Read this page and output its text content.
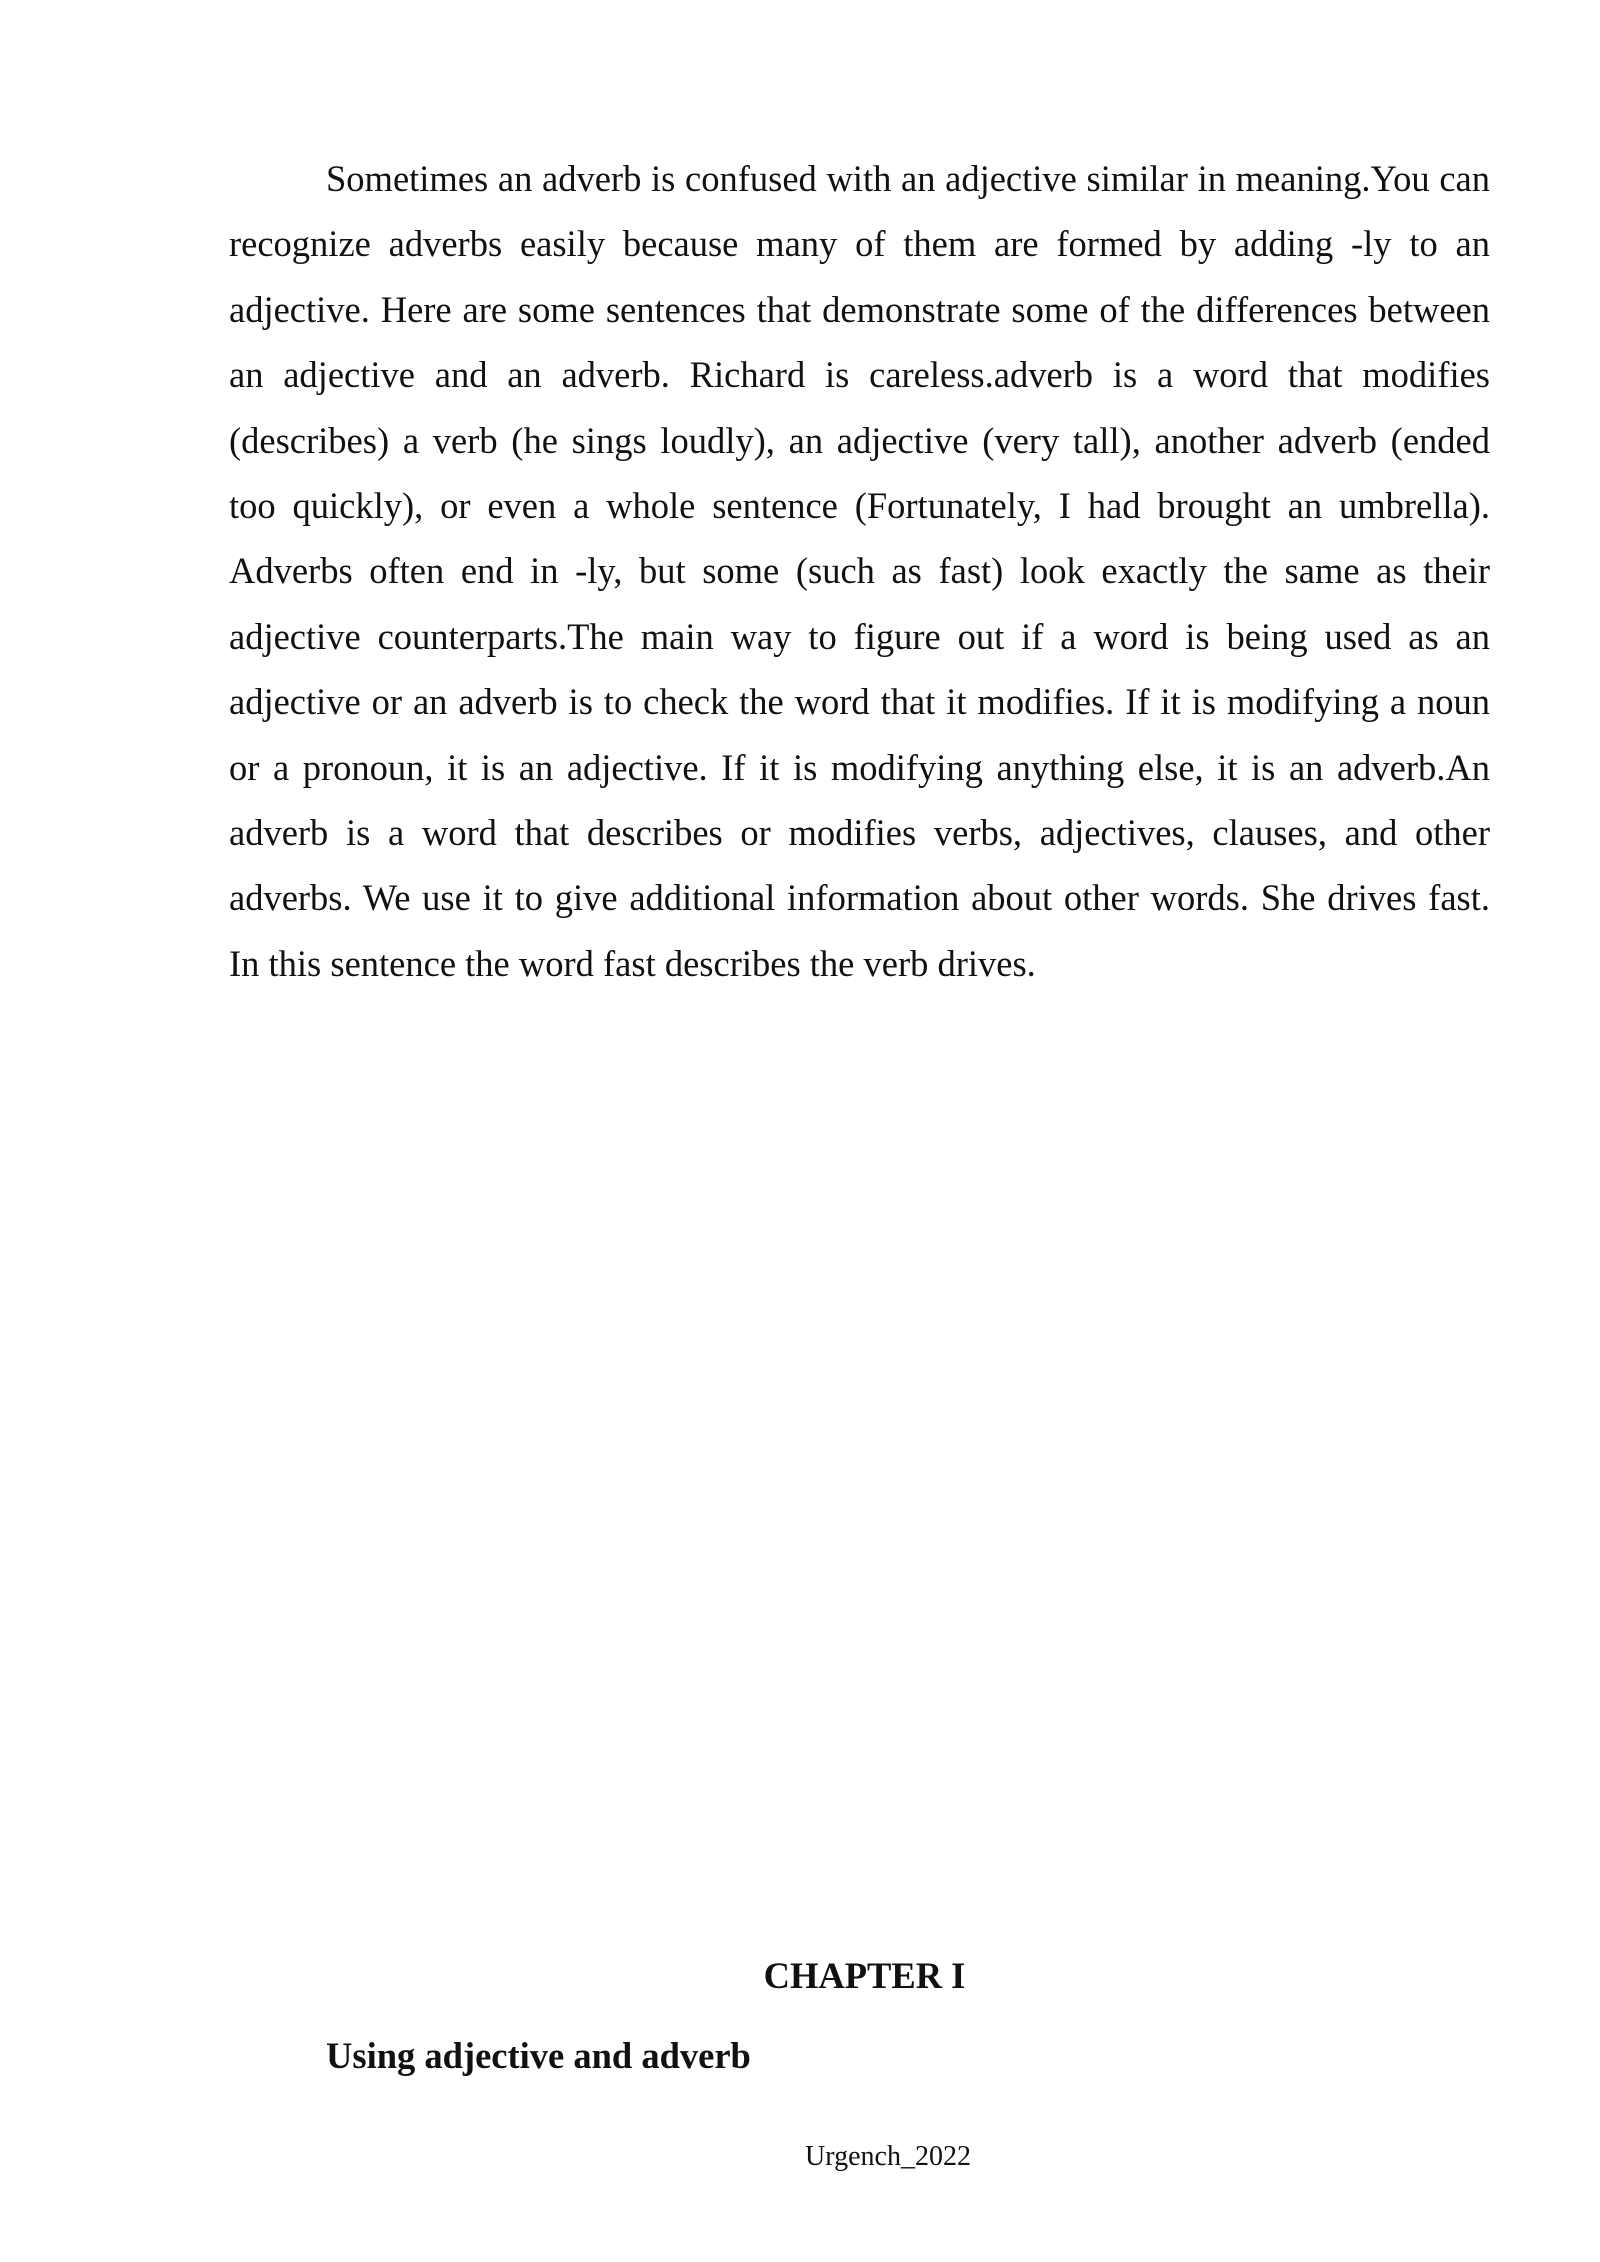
Sometimes an adverb is confused with an adjective similar in meaning.You can recognize adverbs easily because many of them are formed by adding -ly to an adjective. Here are some sentences that demonstrate some of the differences between an adjective and an adverb. Richard is careless.adverb is a word that modifies (describes) a verb (he sings loudly), an adjective (very tall), another adverb (ended too quickly), or even a whole sentence (Fortunately, I had brought an umbrella). Adverbs often end in -ly, but some (such as fast) look exactly the same as their adjective counterparts.The main way to figure out if a word is being used as an adjective or an adverb is to check the word that it modifies. If it is modifying a noun or a pronoun, it is an adjective. If it is modifying anything else, it is an adverb.An adverb is a word that describes or modifies verbs, adjectives, clauses, and other adverbs. We use it to give additional information about other words. She drives fast. In this sentence the word fast describes the verb drives.

CHAPTER I
Using adjective and adverb
Urgench_2022
